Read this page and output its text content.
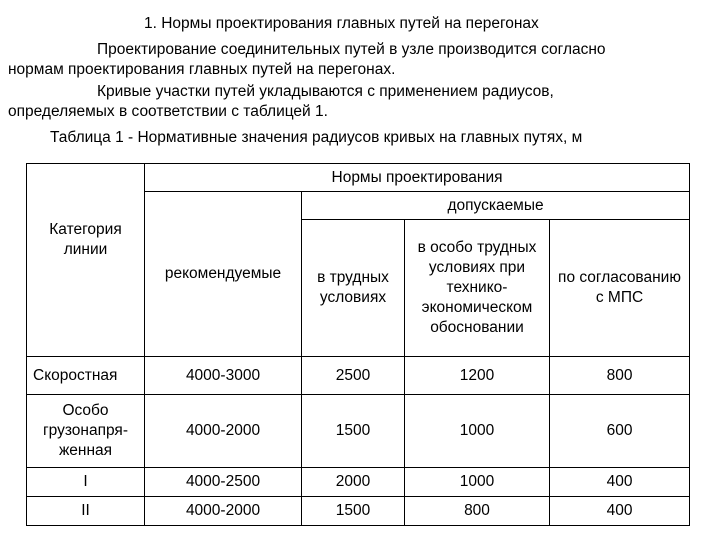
1. Нормы проектирования главных путей на перегонах
Проектирование соединительных путей в узле производится согласно
нормам проектирования главных путей на перегонах.
Кривые участки путей укладываются с применением радиусов,
определяемых в соответствии с таблицей 1.
Таблица 1 - Нормативные значения радиусов кривых на главных путях, м
Категория линии	Нормы проектирования			
	рекомендуемые	допускаемые		

		в трудных условиях	в особо трудных условиях при технико-экономическом обосновании	по согласованию с МПС

Скоростная	4000-3000	2500	1200	800

Особо грузонапря-женная	4000-2000	1500	1000	600
I	4000-2500	2000	1000	400
II	4000-2000	1500	800	400
